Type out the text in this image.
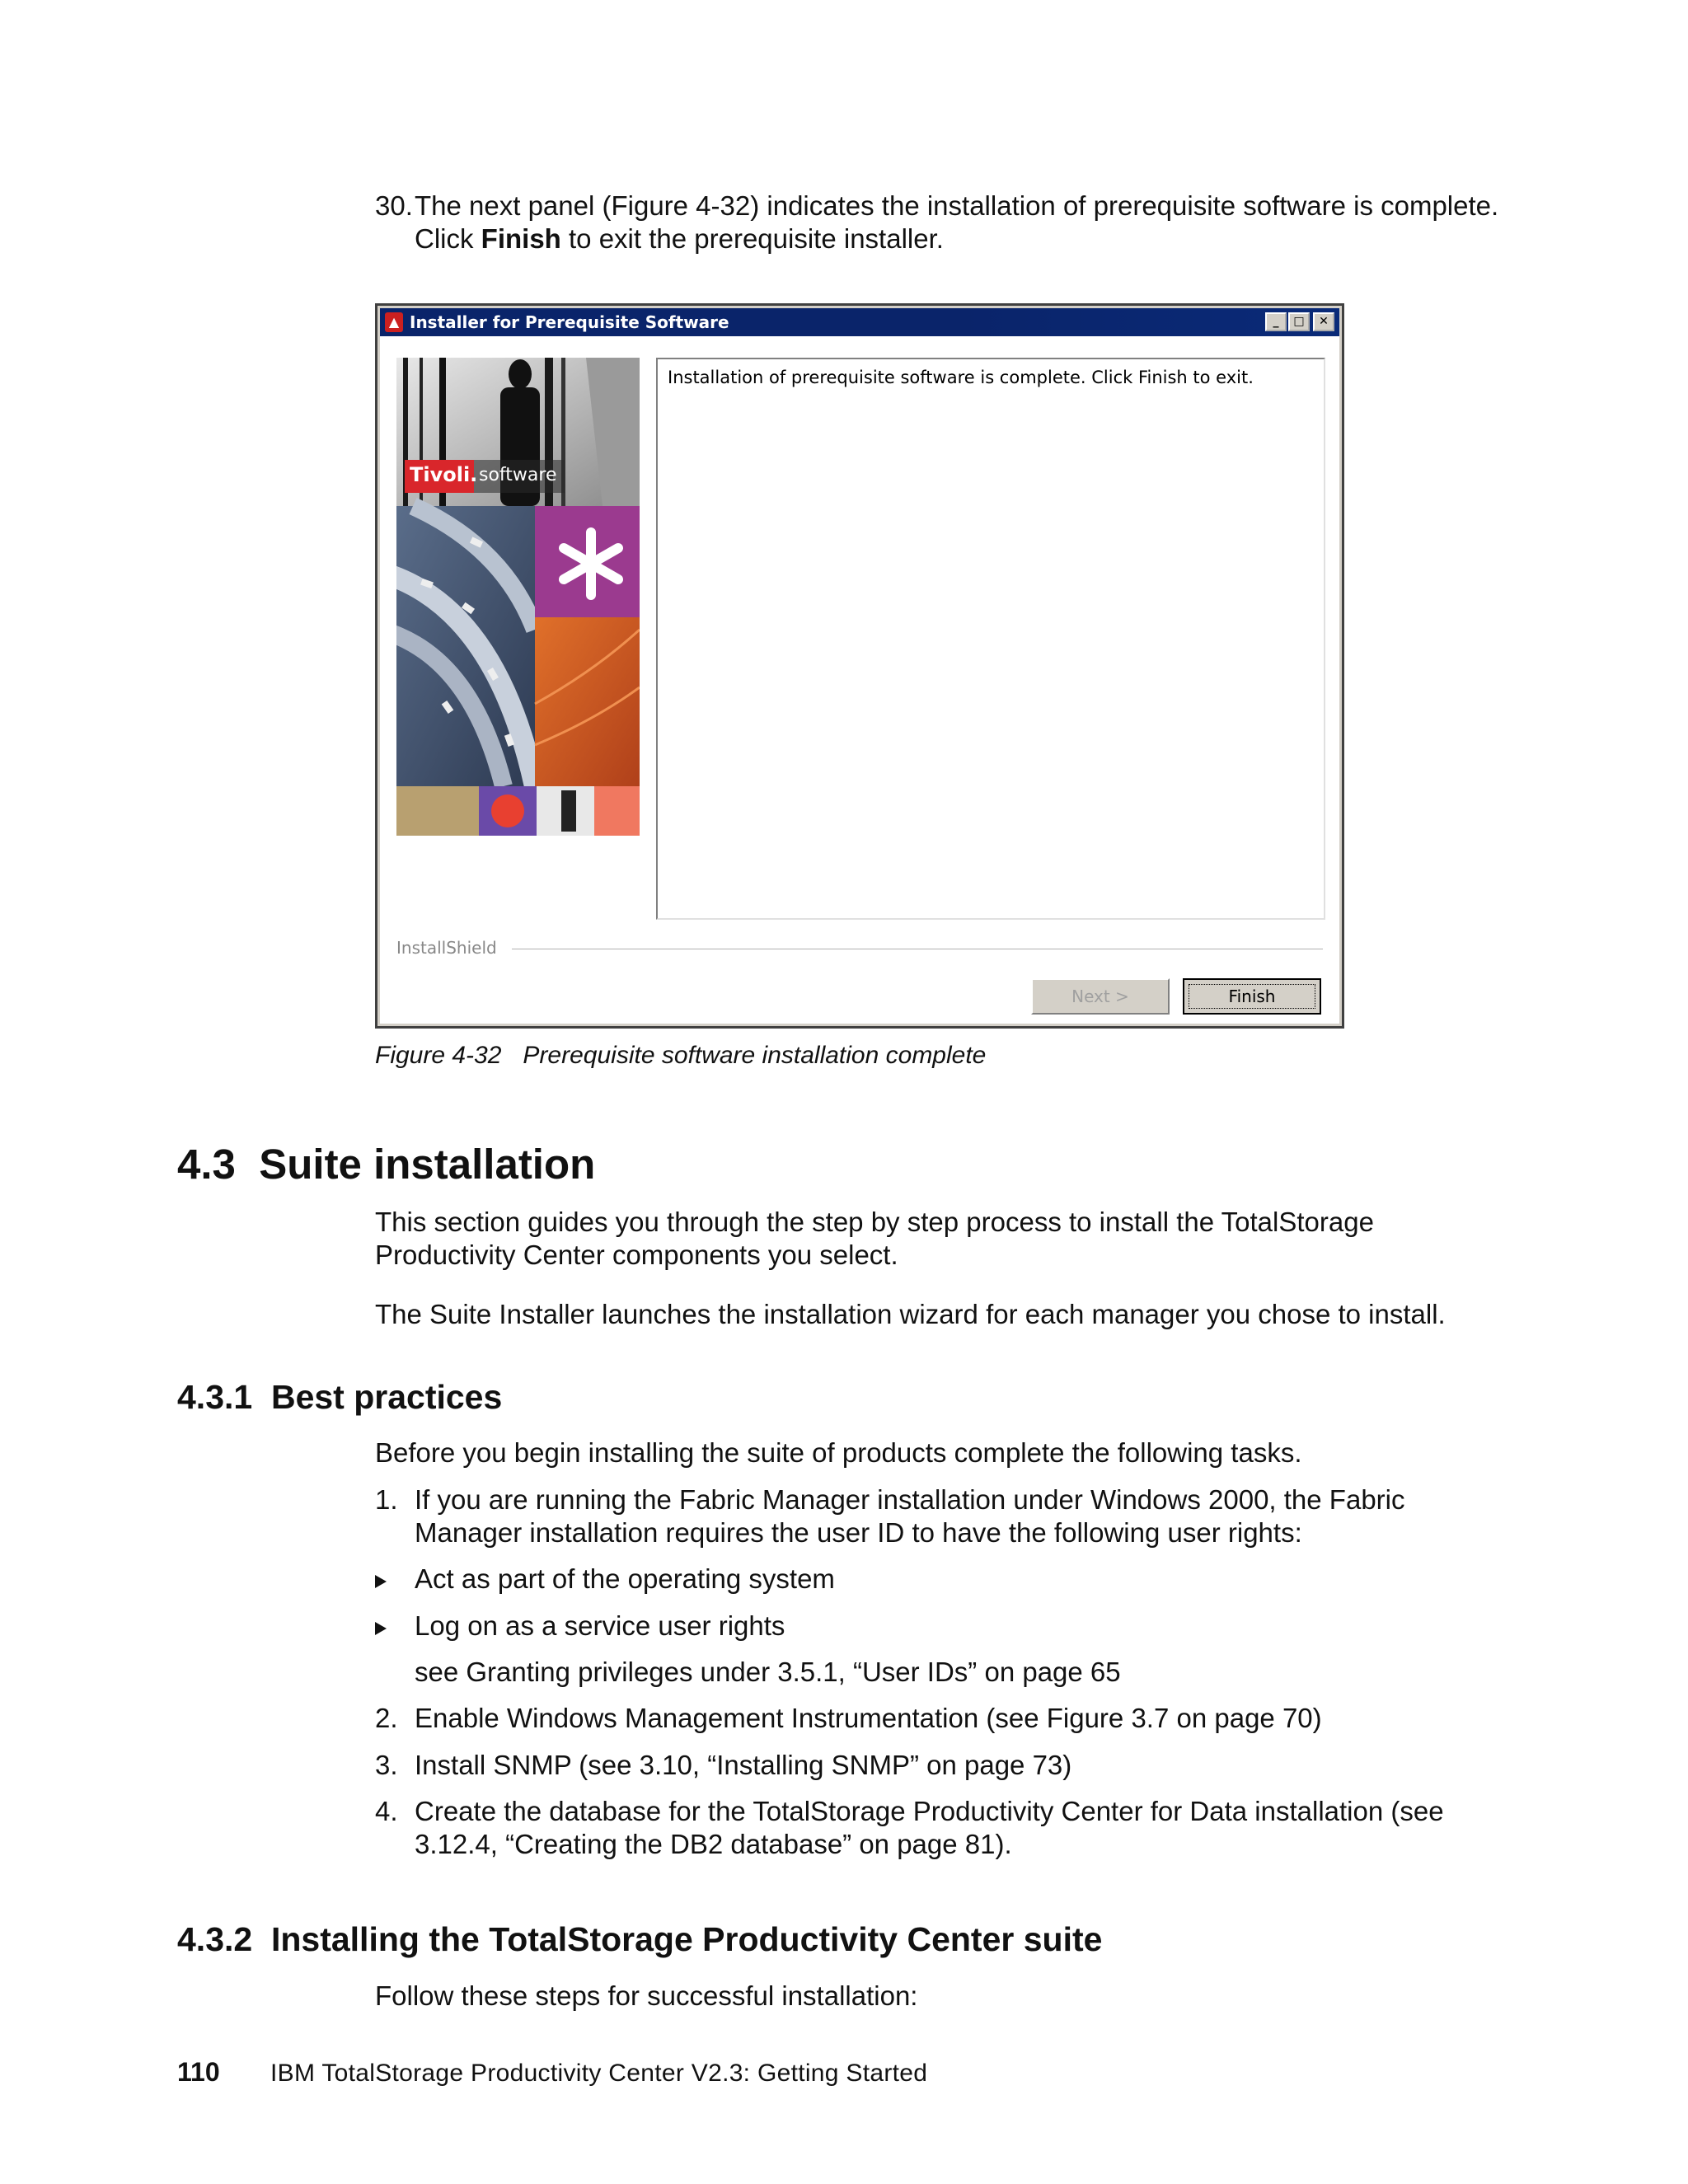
30. The next panel (Figure 4-32) indicates the installation of prerequisite software is complete.
Click Finish to exit the prerequisite installer.
▲ Installer for Prerequisite Software	_	□	✕
Tivoli. software
Installation of prerequisite software is complete. Click Finish to exit.
InstallShield
Next >	Finish
Figure 4-32 Prerequisite software installation complete
4.3  Suite installation
This section guides you through the step by step process to install the TotalStorage
Productivity Center components you select.
The Suite Installer launches the installation wizard for each manager you chose to install.
4.3.1  Best practices
Before you begin installing the suite of products complete the following tasks.
1. If you are running the Fabric Manager installation under Windows 2000, the Fabric
Manager installation requires the user ID to have the following user rights:
Act as part of the operating system
Log on as a service user rights
see Granting privileges under 3.5.1, “User IDs” on page 65
2. Enable Windows Management Instrumentation (see Figure 3.7 on page 70)
3. Install SNMP (see 3.10, “Installing SNMP” on page 73)
4. Create the database for the TotalStorage Productivity Center for Data installation (see
3.12.4, “Creating the DB2 database” on page 81).
4.3.2  Installing the TotalStorage Productivity Center suite
Follow these steps for successful installation:
110 IBM TotalStorage Productivity Center V2.3: Getting Started
